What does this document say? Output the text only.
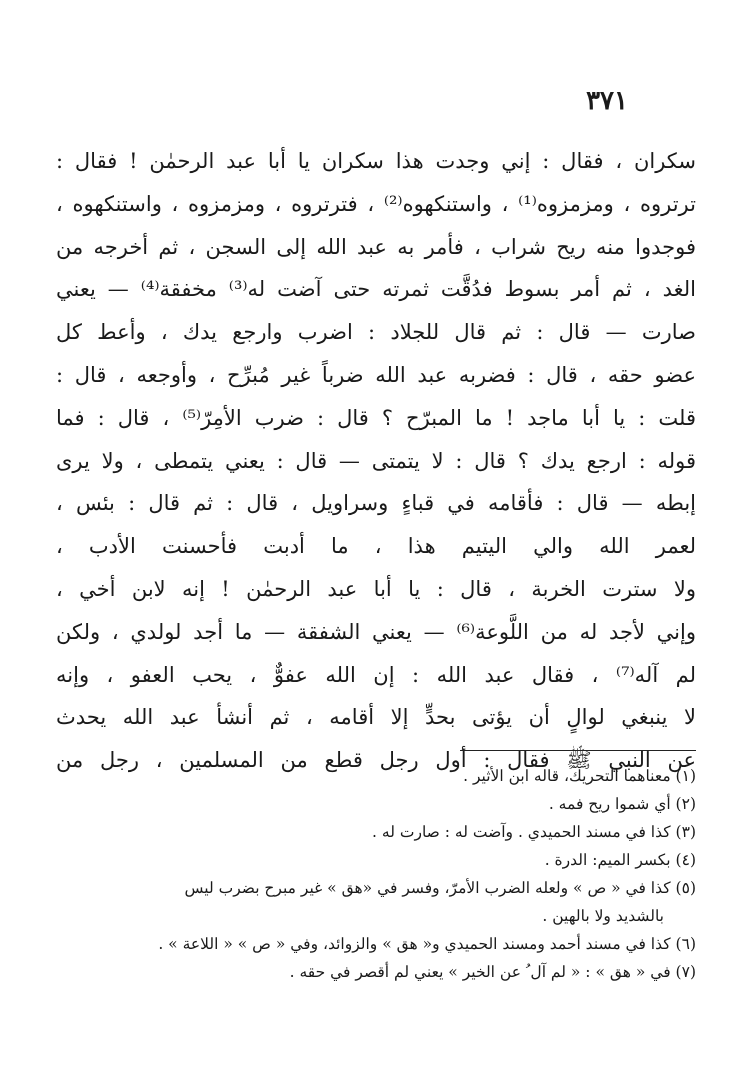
٣٧١
سكران ، فقال : إني وجدت هذا سكران يا أبا عبد الرحمٰن ! فقال :
ترتروه ، ومزمزوه⁽¹⁾ ، واستنكهوه⁽²⁾ ، فترتروه ، ومزمزوه ، واستنكهوه ،
فوجدوا منه ريح شراب ، فأمر به عبد الله إلى السجن ، ثم أخرجه من
الغد ، ثم أمر بسوط فدُقَّت ثمرته حتى آضت له⁽³⁾ مخفقة⁽⁴⁾ — يعني
صارت — قال : ثم قال للجلاد : اضرب وارجع يدك ، وأعط كل
عضو حقه ، قال : فضربه عبد الله ضرباً غير مُبرِّح ، وأوجعه ، قال :
قلت : يا أبا ماجد ! ما المبرّح ؟ قال : ضرب الأمِرّ⁽⁵⁾ ، قال : فما
قوله : ارجع يدك ؟ قال : لا يتمتى — قال : يعني يتمطى ، ولا يرى
إبطه — قال : فأقامه في قباءٍ وسراويل ، قال : ثم قال : بئس ،
لعمر الله والي اليتيم هذا ، ما أدبت فأحسنت الأدب ،
ولا سترت الخربة ، قال : يا أبا عبد الرحمٰن ! إنه لابن أخي ،
وإني لأجد له من اللَّوعة⁽⁶⁾ — يعني الشفقة — ما أجد لولدي ، ولكن
لم آله⁽⁷⁾ ، فقال عبد الله : إن الله عفوٌّ ، يحب العفو ، وإنه
لا ينبغي لوالٍ أن يؤتى بحدٍّ إلا أقامه ، ثم أنشأ عبد الله يحدث
عن النبي ﷺ فقال : أول رجل قطع من المسلمين ، رجل من
(١) معناهما التحريك، قاله ابن الأثير .
(٢) أي شموا ريح فمه .
(٣) كذا في مسند الحميدي . وآضت له : صارت له .
(٤) بكسر الميم: الدرة .
(٥) كذا في « ص » ولعله الضرب الأمرّ، وفسر في «هق » غير مبرح بضرب ليس
بالشديد ولا بالهين .
(٦) كذا في مسند أحمد ومسند الحميدي و« هق » والزوائد، وفي « ص » « اللاعة » .
(٧) في « هق » : « لم آل ُ عن الخير » يعني لم أقصر في حقه .
